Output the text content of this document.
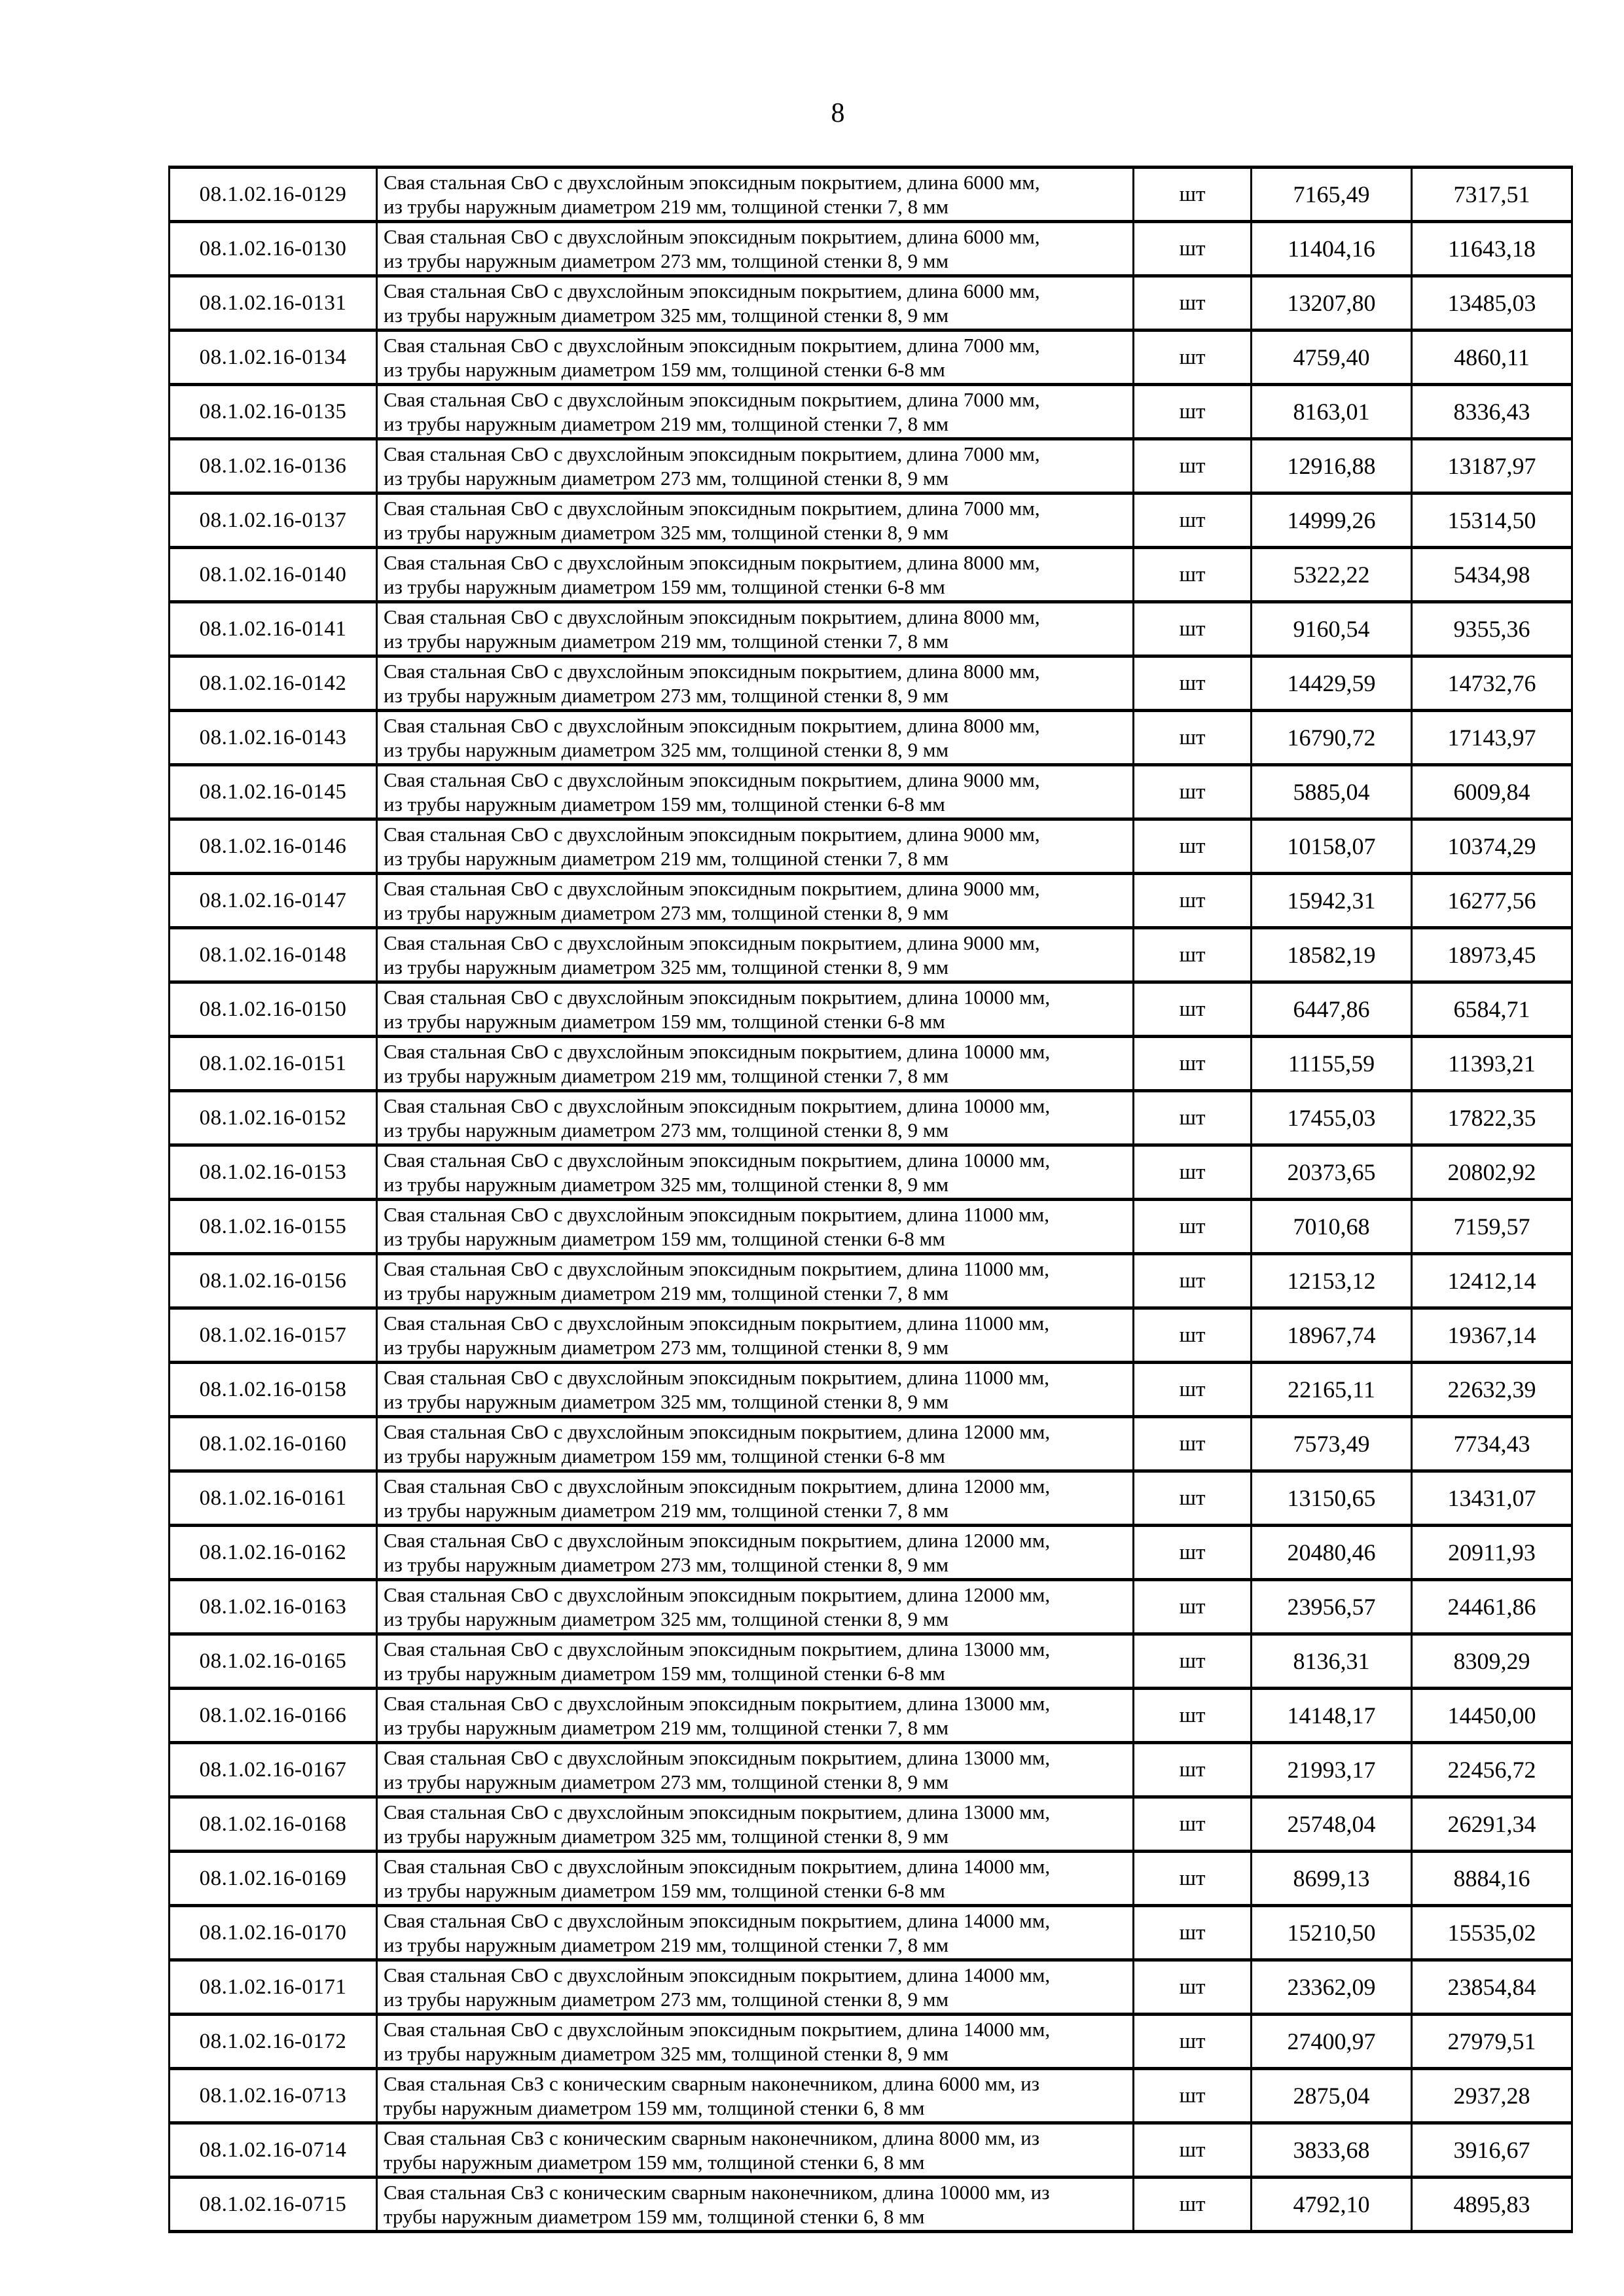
8
08.1.02.16-0129	Свая стальная СвО с двухслойным эпоксидным покрытием, длина 6000 мм,
из трубы наружным диаметром 219 мм, толщиной стенки 7, 8 мм	шт	7165,49	7317,51
08.1.02.16-0130	Свая стальная СвО с двухслойным эпоксидным покрытием, длина 6000 мм,
из трубы наружным диаметром 273 мм, толщиной стенки 8, 9 мм	шт	11404,16	11643,18
08.1.02.16-0131	Свая стальная СвО с двухслойным эпоксидным покрытием, длина 6000 мм,
из трубы наружным диаметром 325 мм, толщиной стенки 8, 9 мм	шт	13207,80	13485,03
08.1.02.16-0134	Свая стальная СвО с двухслойным эпоксидным покрытием, длина 7000 мм,
из трубы наружным диаметром 159 мм, толщиной стенки 6-8 мм	шт	4759,40	4860,11
08.1.02.16-0135	Свая стальная СвО с двухслойным эпоксидным покрытием, длина 7000 мм,
из трубы наружным диаметром 219 мм, толщиной стенки 7, 8 мм	шт	8163,01	8336,43
08.1.02.16-0136	Свая стальная СвО с двухслойным эпоксидным покрытием, длина 7000 мм,
из трубы наружным диаметром 273 мм, толщиной стенки 8, 9 мм	шт	12916,88	13187,97
08.1.02.16-0137	Свая стальная СвО с двухслойным эпоксидным покрытием, длина 7000 мм,
из трубы наружным диаметром 325 мм, толщиной стенки 8, 9 мм	шт	14999,26	15314,50
08.1.02.16-0140	Свая стальная СвО с двухслойным эпоксидным покрытием, длина 8000 мм,
из трубы наружным диаметром 159 мм, толщиной стенки 6-8 мм	шт	5322,22	5434,98
08.1.02.16-0141	Свая стальная СвО с двухслойным эпоксидным покрытием, длина 8000 мм,
из трубы наружным диаметром 219 мм, толщиной стенки 7, 8 мм	шт	9160,54	9355,36
08.1.02.16-0142	Свая стальная СвО с двухслойным эпоксидным покрытием, длина 8000 мм,
из трубы наружным диаметром 273 мм, толщиной стенки 8, 9 мм	шт	14429,59	14732,76
08.1.02.16-0143	Свая стальная СвО с двухслойным эпоксидным покрытием, длина 8000 мм,
из трубы наружным диаметром 325 мм, толщиной стенки 8, 9 мм	шт	16790,72	17143,97
08.1.02.16-0145	Свая стальная СвО с двухслойным эпоксидным покрытием, длина 9000 мм,
из трубы наружным диаметром 159 мм, толщиной стенки 6-8 мм	шт	5885,04	6009,84
08.1.02.16-0146	Свая стальная СвО с двухслойным эпоксидным покрытием, длина 9000 мм,
из трубы наружным диаметром 219 мм, толщиной стенки 7, 8 мм	шт	10158,07	10374,29
08.1.02.16-0147	Свая стальная СвО с двухслойным эпоксидным покрытием, длина 9000 мм,
из трубы наружным диаметром 273 мм, толщиной стенки 8, 9 мм	шт	15942,31	16277,56
08.1.02.16-0148	Свая стальная СвО с двухслойным эпоксидным покрытием, длина 9000 мм,
из трубы наружным диаметром 325 мм, толщиной стенки 8, 9 мм	шт	18582,19	18973,45
08.1.02.16-0150	Свая стальная СвО с двухслойным эпоксидным покрытием, длина 10000 мм,
из трубы наружным диаметром 159 мм, толщиной стенки 6-8 мм	шт	6447,86	6584,71
08.1.02.16-0151	Свая стальная СвО с двухслойным эпоксидным покрытием, длина 10000 мм,
из трубы наружным диаметром 219 мм, толщиной стенки 7, 8 мм	шт	11155,59	11393,21
08.1.02.16-0152	Свая стальная СвО с двухслойным эпоксидным покрытием, длина 10000 мм,
из трубы наружным диаметром 273 мм, толщиной стенки 8, 9 мм	шт	17455,03	17822,35
08.1.02.16-0153	Свая стальная СвО с двухслойным эпоксидным покрытием, длина 10000 мм,
из трубы наружным диаметром 325 мм, толщиной стенки 8, 9 мм	шт	20373,65	20802,92
08.1.02.16-0155	Свая стальная СвО с двухслойным эпоксидным покрытием, длина 11000 мм,
из трубы наружным диаметром 159 мм, толщиной стенки 6-8 мм	шт	7010,68	7159,57
08.1.02.16-0156	Свая стальная СвО с двухслойным эпоксидным покрытием, длина 11000 мм,
из трубы наружным диаметром 219 мм, толщиной стенки 7, 8 мм	шт	12153,12	12412,14
08.1.02.16-0157	Свая стальная СвО с двухслойным эпоксидным покрытием, длина 11000 мм,
из трубы наружным диаметром 273 мм, толщиной стенки 8, 9 мм	шт	18967,74	19367,14
08.1.02.16-0158	Свая стальная СвО с двухслойным эпоксидным покрытием, длина 11000 мм,
из трубы наружным диаметром 325 мм, толщиной стенки 8, 9 мм	шт	22165,11	22632,39
08.1.02.16-0160	Свая стальная СвО с двухслойным эпоксидным покрытием, длина 12000 мм,
из трубы наружным диаметром 159 мм, толщиной стенки 6-8 мм	шт	7573,49	7734,43
08.1.02.16-0161	Свая стальная СвО с двухслойным эпоксидным покрытием, длина 12000 мм,
из трубы наружным диаметром 219 мм, толщиной стенки 7, 8 мм	шт	13150,65	13431,07
08.1.02.16-0162	Свая стальная СвО с двухслойным эпоксидным покрытием, длина 12000 мм,
из трубы наружным диаметром 273 мм, толщиной стенки 8, 9 мм	шт	20480,46	20911,93
08.1.02.16-0163	Свая стальная СвО с двухслойным эпоксидным покрытием, длина 12000 мм,
из трубы наружным диаметром 325 мм, толщиной стенки 8, 9 мм	шт	23956,57	24461,86
08.1.02.16-0165	Свая стальная СвО с двухслойным эпоксидным покрытием, длина 13000 мм,
из трубы наружным диаметром 159 мм, толщиной стенки 6-8 мм	шт	8136,31	8309,29
08.1.02.16-0166	Свая стальная СвО с двухслойным эпоксидным покрытием, длина 13000 мм,
из трубы наружным диаметром 219 мм, толщиной стенки 7, 8 мм	шт	14148,17	14450,00
08.1.02.16-0167	Свая стальная СвО с двухслойным эпоксидным покрытием, длина 13000 мм,
из трубы наружным диаметром 273 мм, толщиной стенки 8, 9 мм	шт	21993,17	22456,72
08.1.02.16-0168	Свая стальная СвО с двухслойным эпоксидным покрытием, длина 13000 мм,
из трубы наружным диаметром 325 мм, толщиной стенки 8, 9 мм	шт	25748,04	26291,34
08.1.02.16-0169	Свая стальная СвО с двухслойным эпоксидным покрытием, длина 14000 мм,
из трубы наружным диаметром 159 мм, толщиной стенки 6-8 мм	шт	8699,13	8884,16
08.1.02.16-0170	Свая стальная СвО с двухслойным эпоксидным покрытием, длина 14000 мм,
из трубы наружным диаметром 219 мм, толщиной стенки 7, 8 мм	шт	15210,50	15535,02
08.1.02.16-0171	Свая стальная СвО с двухслойным эпоксидным покрытием, длина 14000 мм,
из трубы наружным диаметром 273 мм, толщиной стенки 8, 9 мм	шт	23362,09	23854,84
08.1.02.16-0172	Свая стальная СвО с двухслойным эпоксидным покрытием, длина 14000 мм,
из трубы наружным диаметром 325 мм, толщиной стенки 8, 9 мм	шт	27400,97	27979,51
08.1.02.16-0713	Свая стальная СвЗ с коническим сварным наконечником, длина 6000 мм, из
трубы наружным диаметром 159 мм, толщиной стенки 6, 8 мм	шт	2875,04	2937,28
08.1.02.16-0714	Свая стальная СвЗ с коническим сварным наконечником, длина 8000 мм, из
трубы наружным диаметром 159 мм, толщиной стенки 6, 8 мм	шт	3833,68	3916,67
08.1.02.16-0715	Свая стальная СвЗ с коническим сварным наконечником, длина 10000 мм, из
трубы наружным диаметром 159 мм, толщиной стенки 6, 8 мм	шт	4792,10	4895,83
